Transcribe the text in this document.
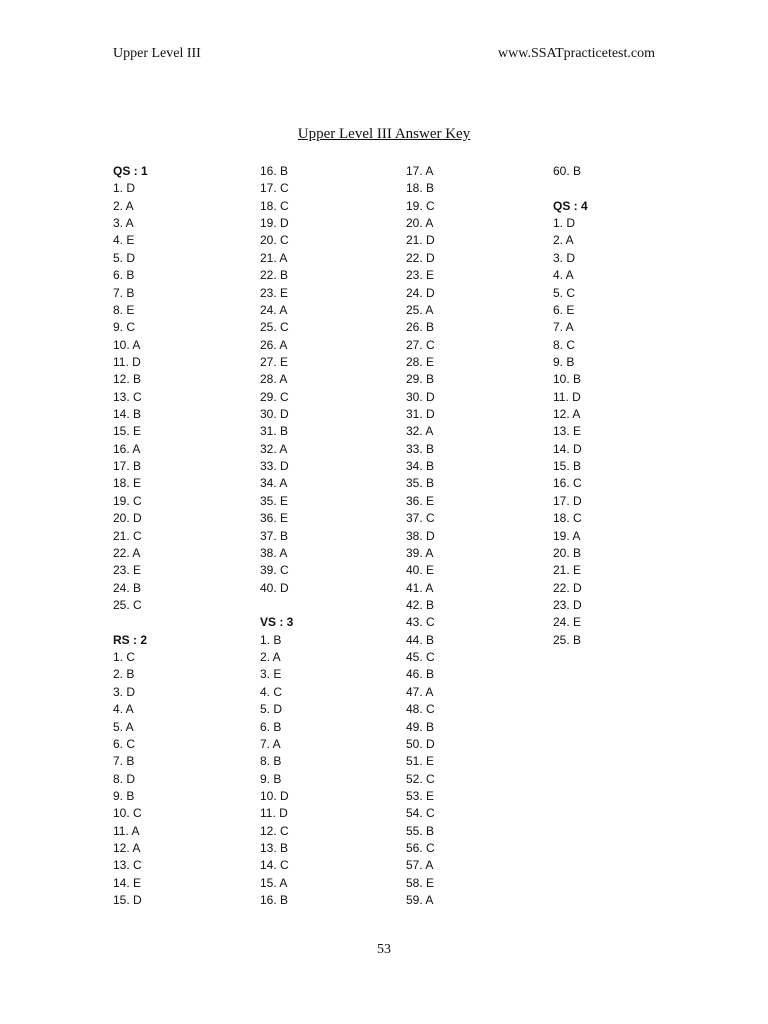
Upper Level III	www.SSATpracticetest.com
Upper Level III Answer Key
QS : 1
1. D
2. A
3. A
4. E
5. D
6. B
7. B
8. E
9. C
10. A
11. D
12. B
13. C
14. B
15. E
16. A
17. B
18. E
19. C
20. D
21. C
22. A
23. E
24. B
25. C
RS : 2
1. C
2. B
3. D
4. A
5. A
6. C
7. B
8. D
9. B
10. C
11. A
12. A
13. C
14. E
15. D
16. B
17. C
18. C
19. D
20. C
21. A
22. B
23. E
24. A
25. C
26. A
27. E
28. A
29. C
30. D
31. B
32. A
33. D
34. A
35. E
36. E
37. B
38. A
39. C
40. D
VS : 3
1. B
2. A
3. E
4. C
5. D
6. B
7. A
8. B
9. B
10. D
11. D
12. C
13. B
14. C
15. A
16. B
17. A
18. B
19. C
20. A
21. D
22. D
23. E
24. D
25. A
26. B
27. C
28. E
29. B
30. D
31. D
32. A
33. B
34. B
35. B
36. E
37. C
38. D
39. A
40. E
41. A
42. B
43. C
44. B
45. C
46. B
47. A
48. C
49. B
50. D
51. E
52. C
53. E
54. C
55. B
56. C
57. A
58. E
59. A
60. B
QS : 4
1. D
2. A
3. D
4. A
5. C
6. E
7. A
8. C
9. B
10. B
11. D
12. A
13. E
14. D
15. B
16. C
17. D
18. C
19. A
20. B
21. E
22. D
23. D
24. E
25. B
53
